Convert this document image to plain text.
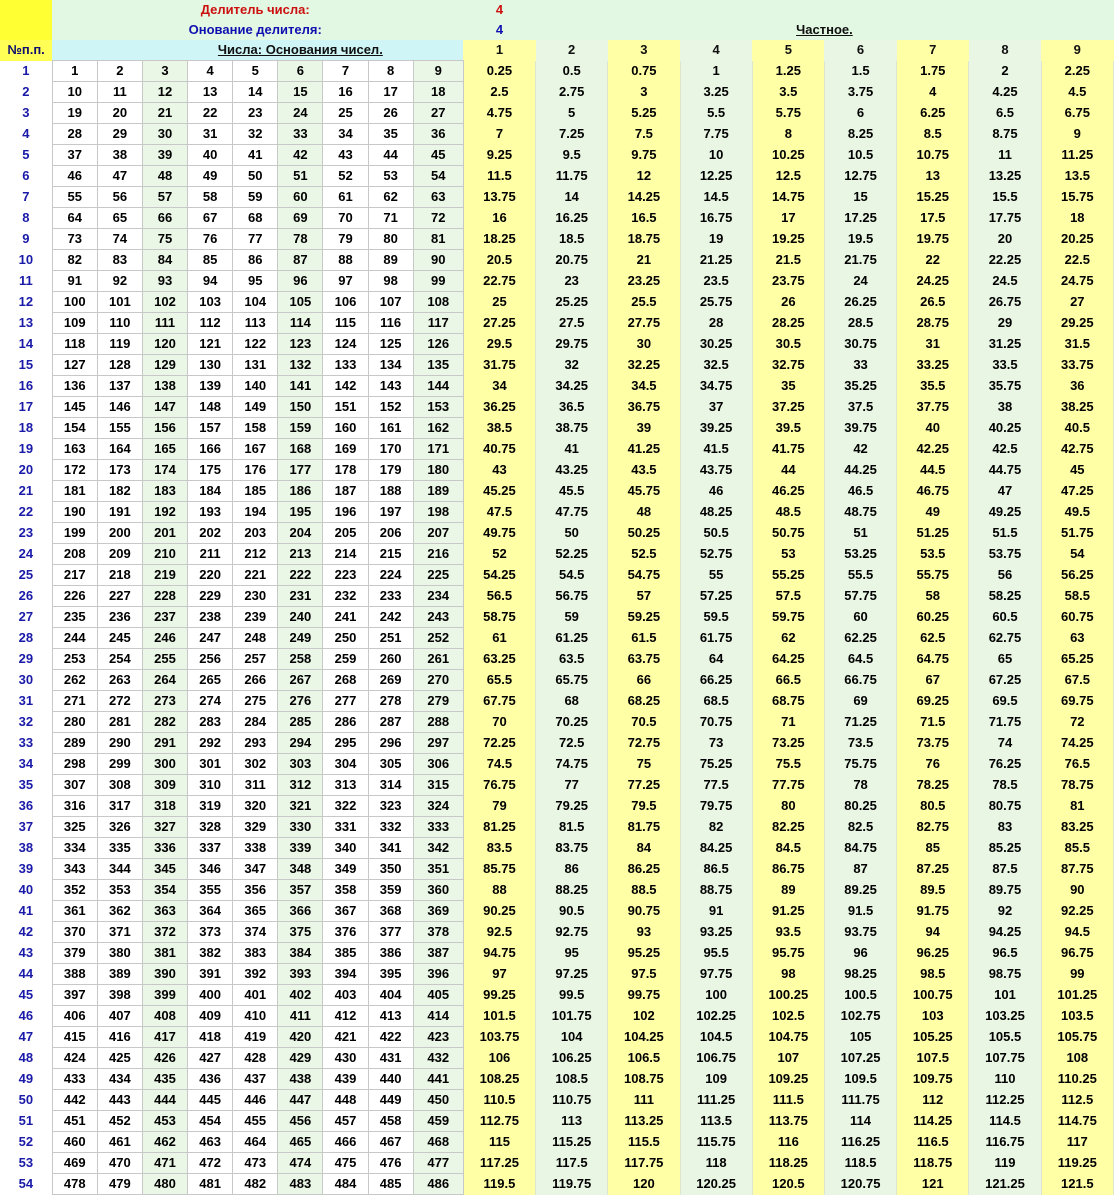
			Делитель числа:							4								
			Онование делителя:							4				Частное.				
№п.п.				Числа: Основания чисел.						1	2	3	4	5	6	7	8	9
1	1	2	3	4	5	6	7	8	9	0.25	0.5	0.75	1	1.25	1.5	1.75	2	2.25
2	10	11	12	13	14	15	16	17	18	2.5	2.75	3	3.25	3.5	3.75	4	4.25	4.5
3	19	20	21	22	23	24	25	26	27	4.75	5	5.25	5.5	5.75	6	6.25	6.5	6.75
4	28	29	30	31	32	33	34	35	36	7	7.25	7.5	7.75	8	8.25	8.5	8.75	9
5	37	38	39	40	41	42	43	44	45	9.25	9.5	9.75	10	10.25	10.5	10.75	11	11.25
6	46	47	48	49	50	51	52	53	54	11.5	11.75	12	12.25	12.5	12.75	13	13.25	13.5
7	55	56	57	58	59	60	61	62	63	13.75	14	14.25	14.5	14.75	15	15.25	15.5	15.75
8	64	65	66	67	68	69	70	71	72	16	16.25	16.5	16.75	17	17.25	17.5	17.75	18
9	73	74	75	76	77	78	79	80	81	18.25	18.5	18.75	19	19.25	19.5	19.75	20	20.25
10	82	83	84	85	86	87	88	89	90	20.5	20.75	21	21.25	21.5	21.75	22	22.25	22.5
11	91	92	93	94	95	96	97	98	99	22.75	23	23.25	23.5	23.75	24	24.25	24.5	24.75
12	100	101	102	103	104	105	106	107	108	25	25.25	25.5	25.75	26	26.25	26.5	26.75	27
13	109	110	111	112	113	114	115	116	117	27.25	27.5	27.75	28	28.25	28.5	28.75	29	29.25
14	118	119	120	121	122	123	124	125	126	29.5	29.75	30	30.25	30.5	30.75	31	31.25	31.5
15	127	128	129	130	131	132	133	134	135	31.75	32	32.25	32.5	32.75	33	33.25	33.5	33.75
16	136	137	138	139	140	141	142	143	144	34	34.25	34.5	34.75	35	35.25	35.5	35.75	36
17	145	146	147	148	149	150	151	152	153	36.25	36.5	36.75	37	37.25	37.5	37.75	38	38.25
18	154	155	156	157	158	159	160	161	162	38.5	38.75	39	39.25	39.5	39.75	40	40.25	40.5
19	163	164	165	166	167	168	169	170	171	40.75	41	41.25	41.5	41.75	42	42.25	42.5	42.75
20	172	173	174	175	176	177	178	179	180	43	43.25	43.5	43.75	44	44.25	44.5	44.75	45
21	181	182	183	184	185	186	187	188	189	45.25	45.5	45.75	46	46.25	46.5	46.75	47	47.25
22	190	191	192	193	194	195	196	197	198	47.5	47.75	48	48.25	48.5	48.75	49	49.25	49.5
23	199	200	201	202	203	204	205	206	207	49.75	50	50.25	50.5	50.75	51	51.25	51.5	51.75
24	208	209	210	211	212	213	214	215	216	52	52.25	52.5	52.75	53	53.25	53.5	53.75	54
25	217	218	219	220	221	222	223	224	225	54.25	54.5	54.75	55	55.25	55.5	55.75	56	56.25
26	226	227	228	229	230	231	232	233	234	56.5	56.75	57	57.25	57.5	57.75	58	58.25	58.5
27	235	236	237	238	239	240	241	242	243	58.75	59	59.25	59.5	59.75	60	60.25	60.5	60.75
28	244	245	246	247	248	249	250	251	252	61	61.25	61.5	61.75	62	62.25	62.5	62.75	63
29	253	254	255	256	257	258	259	260	261	63.25	63.5	63.75	64	64.25	64.5	64.75	65	65.25
30	262	263	264	265	266	267	268	269	270	65.5	65.75	66	66.25	66.5	66.75	67	67.25	67.5
31	271	272	273	274	275	276	277	278	279	67.75	68	68.25	68.5	68.75	69	69.25	69.5	69.75
32	280	281	282	283	284	285	286	287	288	70	70.25	70.5	70.75	71	71.25	71.5	71.75	72
33	289	290	291	292	293	294	295	296	297	72.25	72.5	72.75	73	73.25	73.5	73.75	74	74.25
34	298	299	300	301	302	303	304	305	306	74.5	74.75	75	75.25	75.5	75.75	76	76.25	76.5
35	307	308	309	310	311	312	313	314	315	76.75	77	77.25	77.5	77.75	78	78.25	78.5	78.75
36	316	317	318	319	320	321	322	323	324	79	79.25	79.5	79.75	80	80.25	80.5	80.75	81
37	325	326	327	328	329	330	331	332	333	81.25	81.5	81.75	82	82.25	82.5	82.75	83	83.25
38	334	335	336	337	338	339	340	341	342	83.5	83.75	84	84.25	84.5	84.75	85	85.25	85.5
39	343	344	345	346	347	348	349	350	351	85.75	86	86.25	86.5	86.75	87	87.25	87.5	87.75
40	352	353	354	355	356	357	358	359	360	88	88.25	88.5	88.75	89	89.25	89.5	89.75	90
41	361	362	363	364	365	366	367	368	369	90.25	90.5	90.75	91	91.25	91.5	91.75	92	92.25
42	370	371	372	373	374	375	376	377	378	92.5	92.75	93	93.25	93.5	93.75	94	94.25	94.5
43	379	380	381	382	383	384	385	386	387	94.75	95	95.25	95.5	95.75	96	96.25	96.5	96.75
44	388	389	390	391	392	393	394	395	396	97	97.25	97.5	97.75	98	98.25	98.5	98.75	99
45	397	398	399	400	401	402	403	404	405	99.25	99.5	99.75	100	100.25	100.5	100.75	101	101.25
46	406	407	408	409	410	411	412	413	414	101.5	101.75	102	102.25	102.5	102.75	103	103.25	103.5
47	415	416	417	418	419	420	421	422	423	103.75	104	104.25	104.5	104.75	105	105.25	105.5	105.75
48	424	425	426	427	428	429	430	431	432	106	106.25	106.5	106.75	107	107.25	107.5	107.75	108
49	433	434	435	436	437	438	439	440	441	108.25	108.5	108.75	109	109.25	109.5	109.75	110	110.25
50	442	443	444	445	446	447	448	449	450	110.5	110.75	111	111.25	111.5	111.75	112	112.25	112.5
51	451	452	453	454	455	456	457	458	459	112.75	113	113.25	113.5	113.75	114	114.25	114.5	114.75
52	460	461	462	463	464	465	466	467	468	115	115.25	115.5	115.75	116	116.25	116.5	116.75	117
53	469	470	471	472	473	474	475	476	477	117.25	117.5	117.75	118	118.25	118.5	118.75	119	119.25
54	478	479	480	481	482	483	484	485	486	119.5	119.75	120	120.25	120.5	120.75	121	121.25	121.5
